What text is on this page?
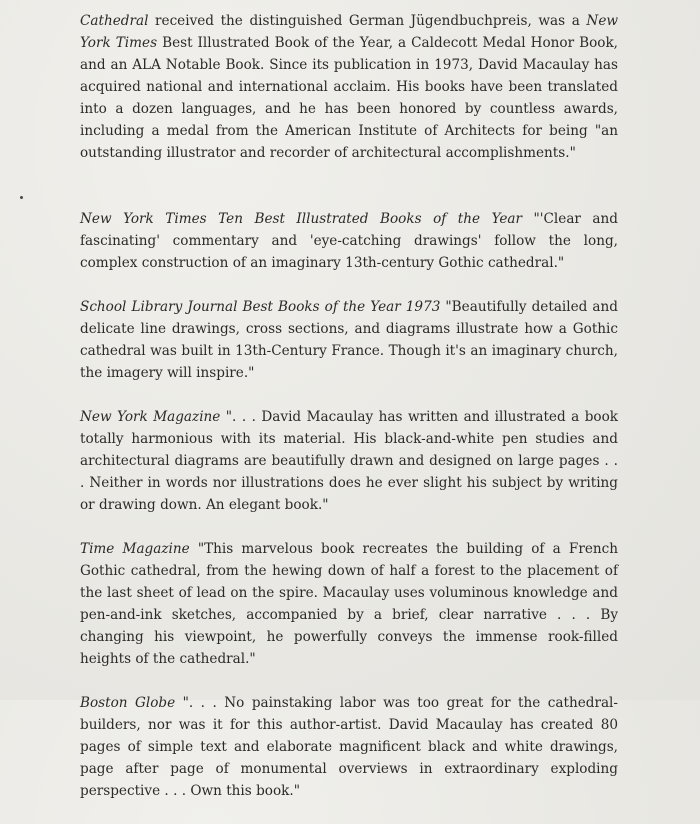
Cathedral received the distinguished German Jügendbuchpreis, was a New York Times Best Illustrated Book of the Year, a Caldecott Medal Honor Book, and an ALA Notable Book. Since its publication in 1973, David Macaulay has acquired national and international acclaim. His books have been translated into a dozen languages, and he has been honored by countless awards, including a medal from the American Institute of Architects for being "an outstanding illustrator and recorder of architectural accomplishments."

New York Times Ten Best Illustrated Books of the Year "'Clear and fascinating' commentary and 'eye-catching drawings' follow the long, complex construction of an imaginary 13th-century Gothic cathedral."

School Library Journal Best Books of the Year 1973 "Beautifully detailed and delicate line drawings, cross sections, and diagrams illustrate how a Gothic cathedral was built in 13th-Century France. Though it's an imaginary church, the imagery will inspire."

New York Magazine ". . . David Macaulay has written and illustrated a book totally harmonious with its material. His black-and-white pen studies and architectural diagrams are beautifully drawn and designed on large pages . . . Neither in words nor illustrations does he ever slight his subject by writing or drawing down. An elegant book."

Time Magazine "This marvelous book recreates the building of a French Gothic cathedral, from the hewing down of half a forest to the placement of the last sheet of lead on the spire. Macaulay uses voluminous knowledge and pen-and-ink sketches, accompanied by a brief, clear narrative . . . By changing his viewpoint, he powerfully conveys the immense rook-filled heights of the cathedral."

Boston Globe ". . . No painstaking labor was too great for the cathedral-builders, nor was it for this author-artist. David Macaulay has created 80 pages of simple text and elaborate magnificent black and white drawings, page after page of monumental overviews in extraordinary exploding perspective . . . Own this book."
